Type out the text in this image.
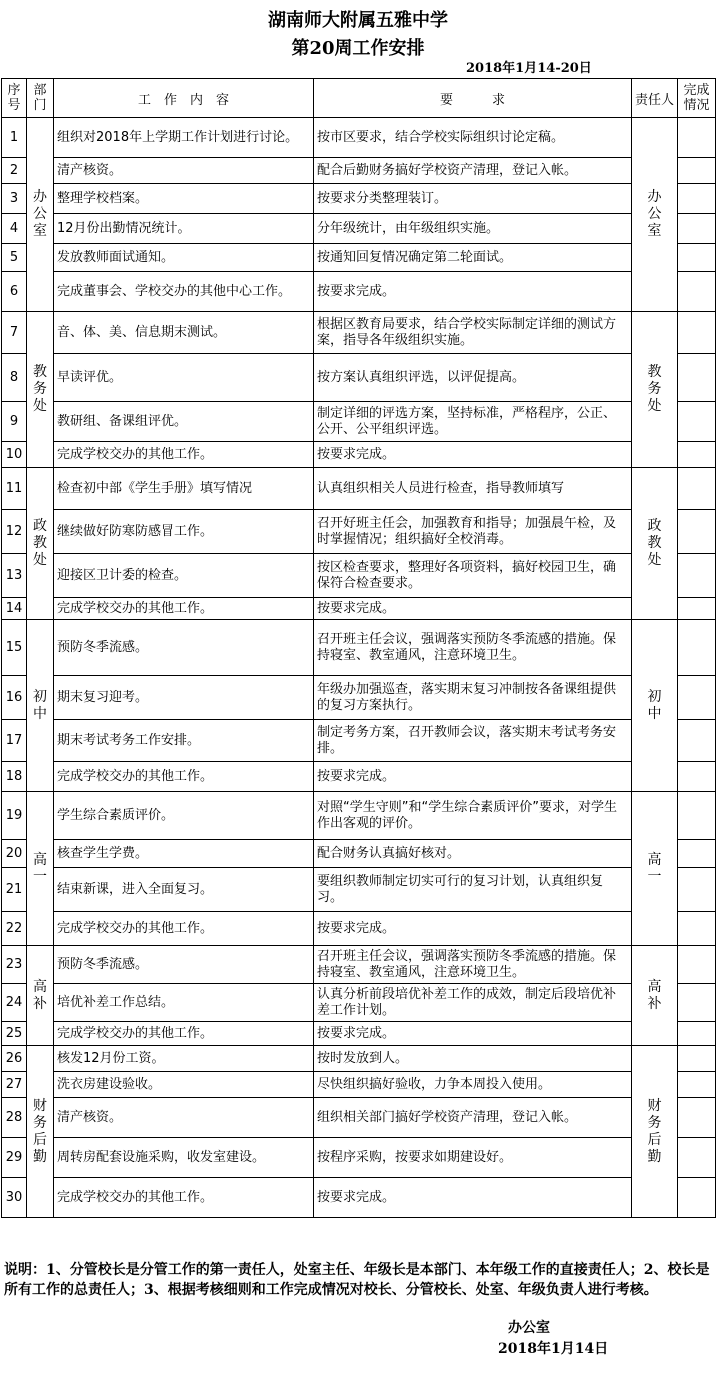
湖南师大附属五雅中学
第20周工作安排
2018年1月14-20日
序号	部门	工　作　内　容	要　　　求	责任人	完成情况
1	办公室	组织对2018年上学期工作计划进行讨论。	按市区要求，结合学校实际组织讨论定稿。	办公室	
2		清产核资。	配合后勤财务搞好学校资产清理，登记入帐。		
3		整理学校档案。	按要求分类整理装订。		
4		12月份出勤情况统计。	分年级统计，由年级组织实施。		
5		发放教师面试通知。	按通知回复情况确定第二轮面试。		
6		完成董事会、学校交办的其他中心工作。	按要求完成。		
7	教务处	音、体、美、信息期末测试。	根据区教育局要求，结合学校实际制定详细的测试方案，指导各年级组织实施。	教务处	
8		早读评优。	按方案认真组织评选，以评促提高。		
9		教研组、备课组评优。	制定详细的评选方案，坚持标准，严格程序，公正、公开、公平组织评选。		
10		完成学校交办的其他工作。	按要求完成。		
11	政教处	检查初中部《学生手册》填写情况	认真组织相关人员进行检查，指导教师填写	政教处	
12		继续做好防寒防感冒工作。	召开好班主任会，加强教育和指导；加强晨午检，及时掌握情况；组织搞好全校消毒。		
13		迎接区卫计委的检查。	按区检查要求，整理好各项资料，搞好校园卫生，确保符合检查要求。		
14		完成学校交办的其他工作。	按要求完成。		
15	初中	预防冬季流感。	召开班主任会议，强调落实预防冬季流感的措施。保持寝室、教室通风，注意环境卫生。	初中	
16		期末复习迎考。	年级办加强巡查，落实期末复习冲制按各备课组提供的复习方案执行。		
17		期末考试考务工作安排。	制定考务方案，召开教师会议，落实期末考试考务安排。		
18		完成学校交办的其他工作。	按要求完成。		
19	高一	学生综合素质评价。	对照“学生守则”和“学生综合素质评价”要求，对学生作出客观的评价。	高一	
20		核查学生学费。	配合财务认真搞好核对。		
21		结束新课，进入全面复习。	要组织教师制定切实可行的复习计划，认真组织复习。		
22		完成学校交办的其他工作。	按要求完成。		
23	高补	预防冬季流感。	召开班主任会议，强调落实预防冬季流感的措施。保持寝室、教室通风，注意环境卫生。	高补	
24		培优补差工作总结。	认真分析前段培优补差工作的成效，制定后段培优补差工作计划。		
25		完成学校交办的其他工作。	按要求完成。		
26	财务后勤	核发12月份工资。	按时发放到人。	财务后勤	
27		洗衣房建设验收。	尽快组织搞好验收，力争本周投入使用。		
28		清产核资。	组织相关部门搞好学校资产清理，登记入帐。		
29		周转房配套设施采购，收发室建设。	按程序采购，按要求如期建设好。		
30		完成学校交办的其他工作。	按要求完成。		
说明：1、分管校长是分管工作的第一责任人，处室主任、年级长是本部门、本年级工作的直接责任人；2、校长是所有工作的总责任人；3、根据考核细则和工作完成情况对校长、分管校长、处室、年级负责人进行考核。
办公室
2018年1月14日
